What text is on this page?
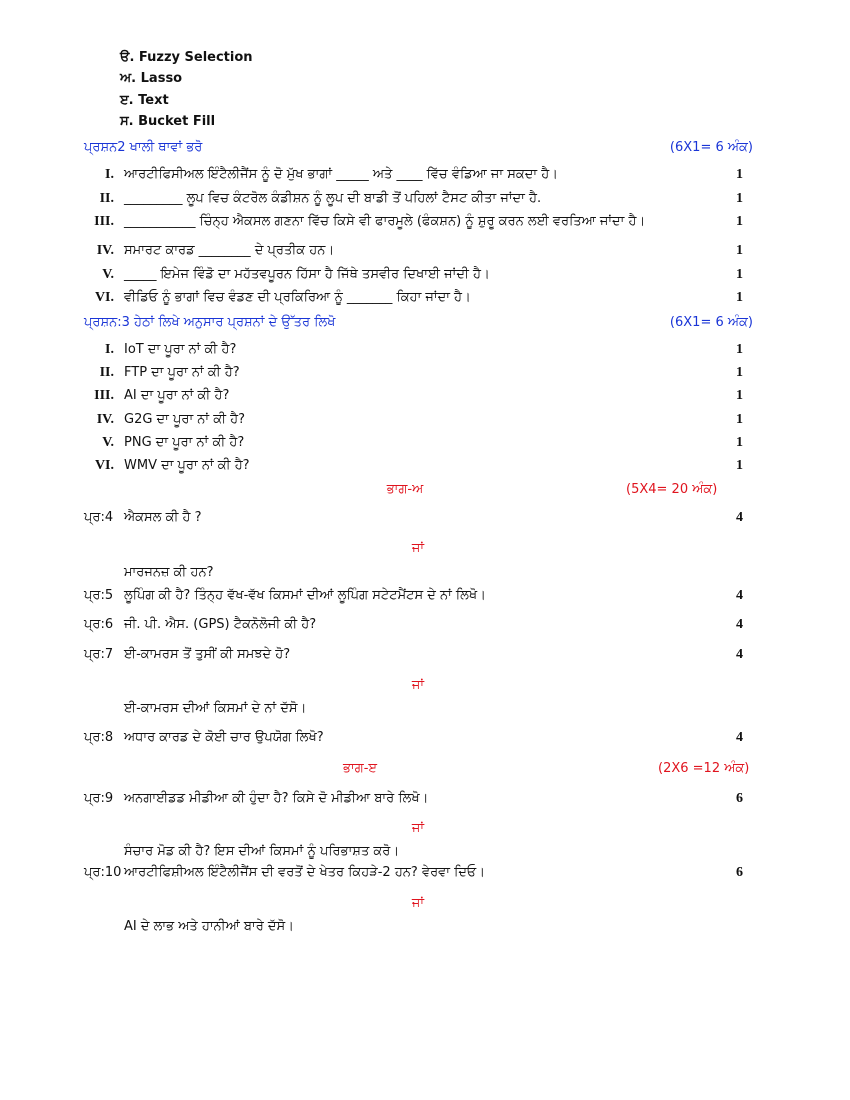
ੳ. Fuzzy Selection
ਅ. Lasso
ੲ. Text
ਸ. Bucket Fill
ਪ੍ਰਸ਼ਨ2 ਖਾਲੀ ਥਾਵਾਂ ਭਰੋ	(6X1= 6 ਅੰਕ)
I. ਆਰਟੀਫਿਸੀਅਲ ਇੰਟੈਲੀਜੈਂਸ ਨੂੰ ਦੋ ਮੁੱਖ ਭਾਗਾਂ _____ ਅਤੇ ____ ਵਿੱਚ ਵੰਡਿਆ ਜਾ ਸਕਦਾ ਹੈ।	1
II. _________ ਲੂਪ ਵਿਚ ਕੰਟਰੋਲ ਕੰਡੀਸ਼ਨ ਨੂੰ ਲੂਪ ਦੀ ਬਾਡੀ ਤੋਂ ਪਹਿਲਾਂ ਟੈਸਟ ਕੀਤਾ ਜਾਂਦਾ ਹੈ.	1
III. ___________ ਚਿੰਨ੍ਹ ਐਕਸਲ ਗਣਨਾ ਵਿੱਚ ਕਿਸੇ ਵੀ ਫਾਰਮੂਲੇ (ਫੰਕਸ਼ਨ) ਨੂੰ ਸ਼ੁਰੂ ਕਰਨ ਲਈ ਵਰਤਿਆ ਜਾਂਦਾ ਹੈ।	1
IV. ਸਮਾਰਟ ਕਾਰਡ ________ ਦੇ ਪ੍ਰਤੀਕ ਹਨ।	1
V. _____ ਇਮੇਜ ਵਿੰਡੋ ਦਾ ਮਹੱਤਵਪੂਰਨ ਹਿੱਸਾ ਹੈ ਜਿੱਥੇ ਤਸਵੀਰ ਦਿਖਾਈ ਜਾਂਦੀ ਹੈ।	1
VI. ਵੀਡਿਓ ਨੂੰ ਭਾਗਾਂ ਵਿਚ ਵੰਡਣ ਦੀ ਪ੍ਰਕਿਰਿਆ ਨੂੰ _______ ਕਿਹਾ ਜਾਂਦਾ ਹੈ।	1
ਪ੍ਰਸ਼ਨ:3 ਹੇਠਾਂ ਲਿਖੇ ਅਨੁਸਾਰ ਪ੍ਰਸ਼ਨਾਂ ਦੇ ਉੱਤਰ ਲਿਖੋ	(6X1= 6 ਅੰਕ)
I. IoT ਦਾ ਪੂਰਾ ਨਾਂ ਕੀ ਹੈ?	1
II. FTP ਦਾ ਪੂਰਾ ਨਾਂ ਕੀ ਹੈ?	1
III. AI ਦਾ ਪੂਰਾ ਨਾਂ ਕੀ ਹੈ?	1
IV. G2G ਦਾ ਪੂਰਾ ਨਾਂ ਕੀ ਹੈ?	1
V. PNG ਦਾ ਪੂਰਾ ਨਾਂ ਕੀ ਹੈ?	1
VI. WMV ਦਾ ਪੂਰਾ ਨਾਂ ਕੀ ਹੈ?	1
ਭਾਗ-ਅ	(5X4= 20 ਅੰਕ)
ਪ੍ਰ:4 ਐਕਸਲ ਕੀ ਹੈ ?	4
ਜਾਂ
ਮਾਰਜਨਜ਼ ਕੀ ਹਨ?
ਪ੍ਰ:5 ਲੂਪਿੰਗ ਕੀ ਹੈ? ਤਿੰਨ੍ਹ ਵੱਖ-ਵੱਖ ਕਿਸਮਾਂ ਦੀਆਂ ਲੂਪਿੰਗ ਸਟੇਟਮੈਂਟਸ ਦੇ ਨਾਂ ਲਿਖੋ।	4
ਪ੍ਰ:6 ਜੀ. ਪੀ. ਐਸ. (GPS) ਟੈਕਨੋਲੋਜੀ ਕੀ ਹੈ?	4
ਪ੍ਰ:7 ਈ-ਕਾਮਰਸ ਤੋਂ ਤੁਸੀਂ ਕੀ ਸਮਝਦੇ ਹੋ?	4
ਜਾਂ
ਈ-ਕਾਮਰਸ ਦੀਆਂ ਕਿਸਮਾਂ ਦੇ ਨਾਂ ਦੱਸੋ।
ਪ੍ਰ:8 ਅਧਾਰ ਕਾਰਡ ਦੇ ਕੋਈ ਚਾਰ ਉਪਯੋਗ ਲਿਖੋ?	4
ਭਾਗ-ੲ	(2X6 =12 ਅੰਕ)
ਪ੍ਰ:9 ਅਨਗਾਈਡਡ ਮੀਡੀਆ ਕੀ ਹੁੰਦਾ ਹੈ? ਕਿਸੇ ਦੋ ਮੀਡੀਆ ਬਾਰੇ ਲਿਖੋ।	6
ਜਾਂ
ਸੰਚਾਰ ਮੋਡ ਕੀ ਹੈ? ਇਸ ਦੀਆਂ ਕਿਸਮਾਂ ਨੂੰ ਪਰਿਭਾਸ਼ਤ ਕਰੋ।
ਪ੍ਰ:10 ਆਰਟੀਫਿਸ਼ੀਅਲ ਇੰਟੈਲੀਜੈਂਸ ਦੀ ਵਰਤੋਂ ਦੇ ਖੇਤਰ ਕਿਹੜੇ-2 ਹਨ? ਵੇਰਵਾ ਦਿਓ।	6
ਜਾਂ
AI ਦੇ ਲਾਭ ਅਤੇ ਹਾਨੀਆਂ ਬਾਰੇ ਦੱਸੋ।
